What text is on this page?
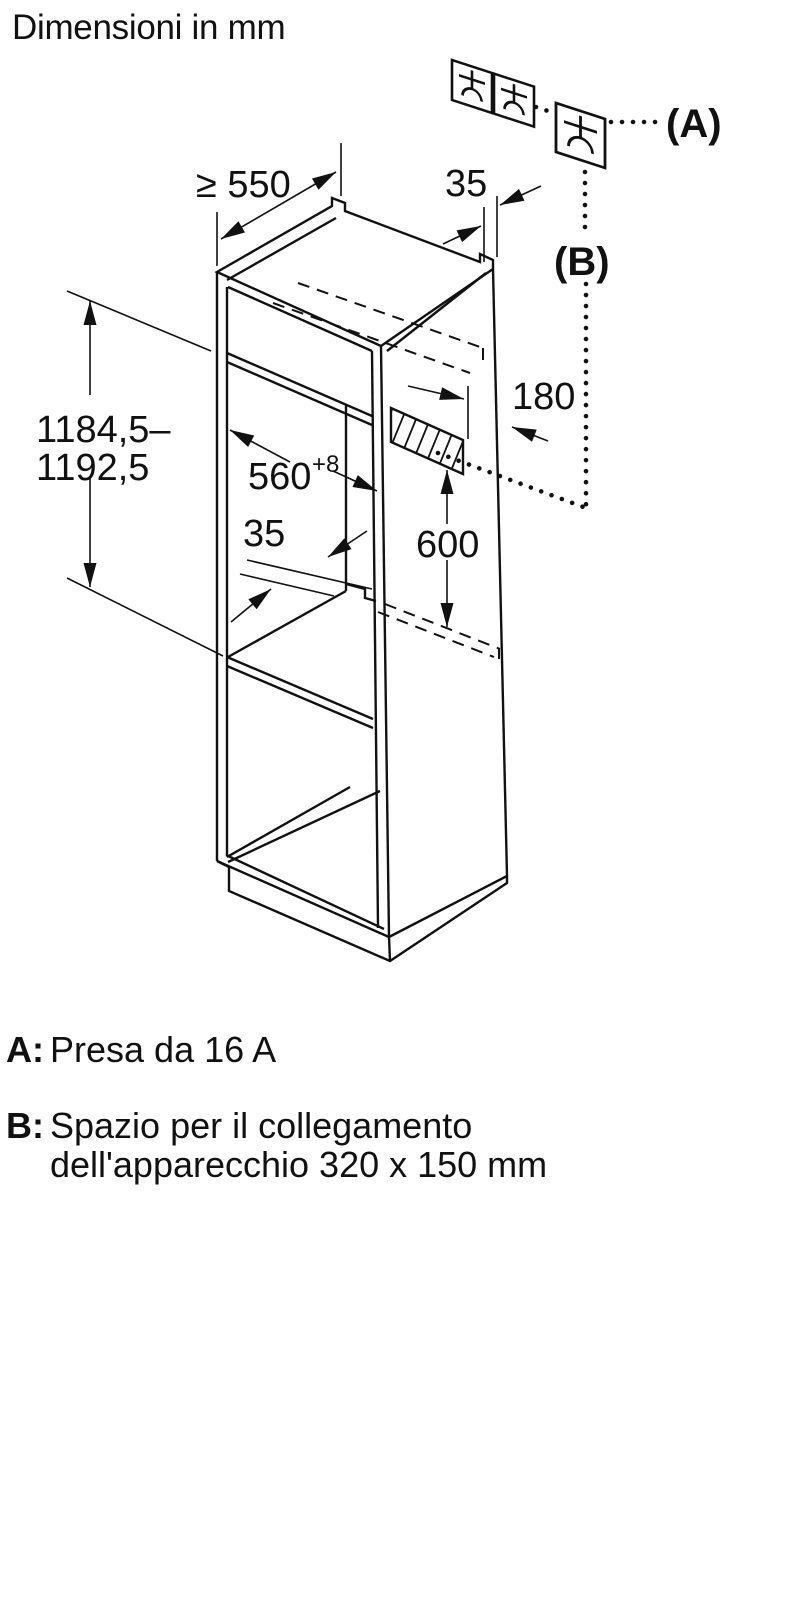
Dimensioni in mm
≥ 550	35
1184,5–
1192,5	560 +8
35
180
600
(A)
(B)
A: Presa da 16 A
B: Spazio per il collegamento
dell'apparecchio 320 x 150 mm
